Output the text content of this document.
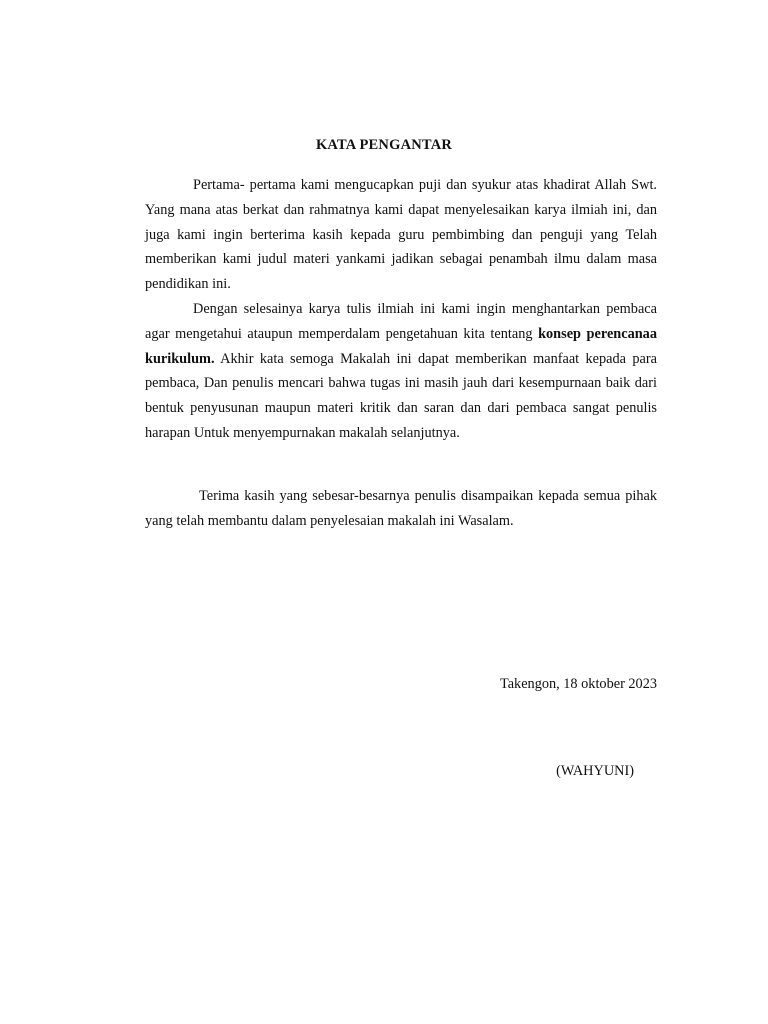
KATA PENGANTAR

Pertama- pertama kami mengucapkan puji dan syukur atas khadirat Allah Swt. Yang mana atas berkat dan rahmatnya kami dapat menyelesaikan karya ilmiah ini, dan juga kami ingin berterima kasih kepada guru pembimbing dan penguji yang Telah memberikan kami judul materi yankami jadikan sebagai penambah ilmu dalam masa pendidikan ini.

Dengan selesainya karya tulis ilmiah ini kami ingin menghantarkan pembaca agar mengetahui ataupun memperdalam pengetahuan kita tentang konsep perencanaa kurikulum. Akhir kata semoga Makalah ini dapat memberikan manfaat kepada para pembaca, Dan penulis mencari bahwa tugas ini masih jauh dari kesempurnaan baik dari bentuk penyusunan maupun materi kritik dan saran dan dari pembaca sangat penulis harapan Untuk menyempurnakan makalah selanjutnya.

Terima kasih yang sebesar-besarnya penulis disampaikan kepada semua pihak yang telah membantu dalam penyelesaian makalah ini Wasalam.

Takengon, 18 oktober 2023
(WAHYUNI)
